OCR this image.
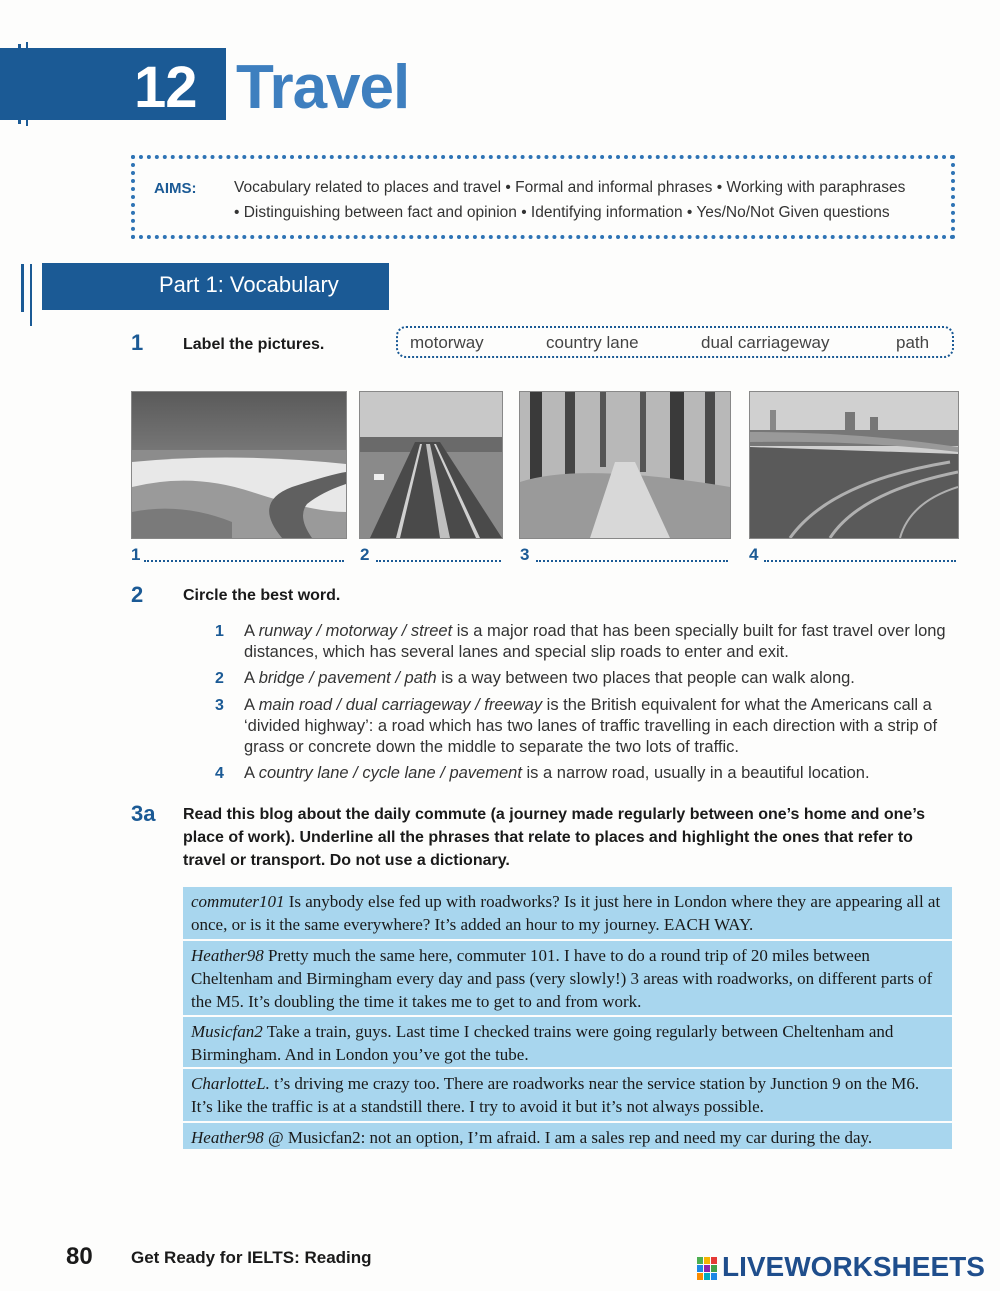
12 Travel
AIMS: Vocabulary related to places and travel • Formal and informal phrases • Working with paraphrases
• Distinguishing between fact and opinion • Identifying information • Yes/No/Not Given questions
Part 1: Vocabulary
1 Label the pictures.	motorway	country lane	dual carriageway	path
1	2	3	4
2 Circle the best word.
1 A runway / motorway / street is a major road that has been specially built for fast travel over long distances, which has several lanes and special slip roads to enter and exit.
2 A bridge / pavement / path is a way between two places that people can walk along.
3 A main road / dual carriageway / freeway is the British equivalent for what the Americans call a ‘divided highway’: a road which has two lanes of traffic travelling in each direction with a strip of grass or concrete down the middle to separate the two lots of traffic.
4 A country lane / cycle lane / pavement is a narrow road, usually in a beautiful location.
3a Read this blog about the daily commute (a journey made regularly between one’s home and one’s place of work). Underline all the phrases that relate to places and highlight the ones that refer to travel or transport. Do not use a dictionary.
commuter101 Is anybody else fed up with roadworks? Is it just here in London where they are appearing all at once, or is it the same everywhere? It’s added an hour to my journey. EACH WAY.
Heather98 Pretty much the same here, commuter 101. I have to do a round trip of 20 miles between Cheltenham and Birmingham every day and pass (very slowly!) 3 areas with roadworks, on different parts of the M5. It’s doubling the time it takes me to get to and from work.
Musicfan2 Take a train, guys. Last time I checked trains were going regularly between Cheltenham and Birmingham. And in London you’ve got the tube.
CharlotteL. t’s driving me crazy too. There are roadworks near the service station by Junction 9 on the M6. It’s like the traffic is at a standstill there. I try to avoid it but it’s not always possible.
Heather98 @ Musicfan2: not an option, I’m afraid. I am a sales rep and need my car during the day.
80 Get Ready for IELTS: Reading	LIVEWORKSHEETS
